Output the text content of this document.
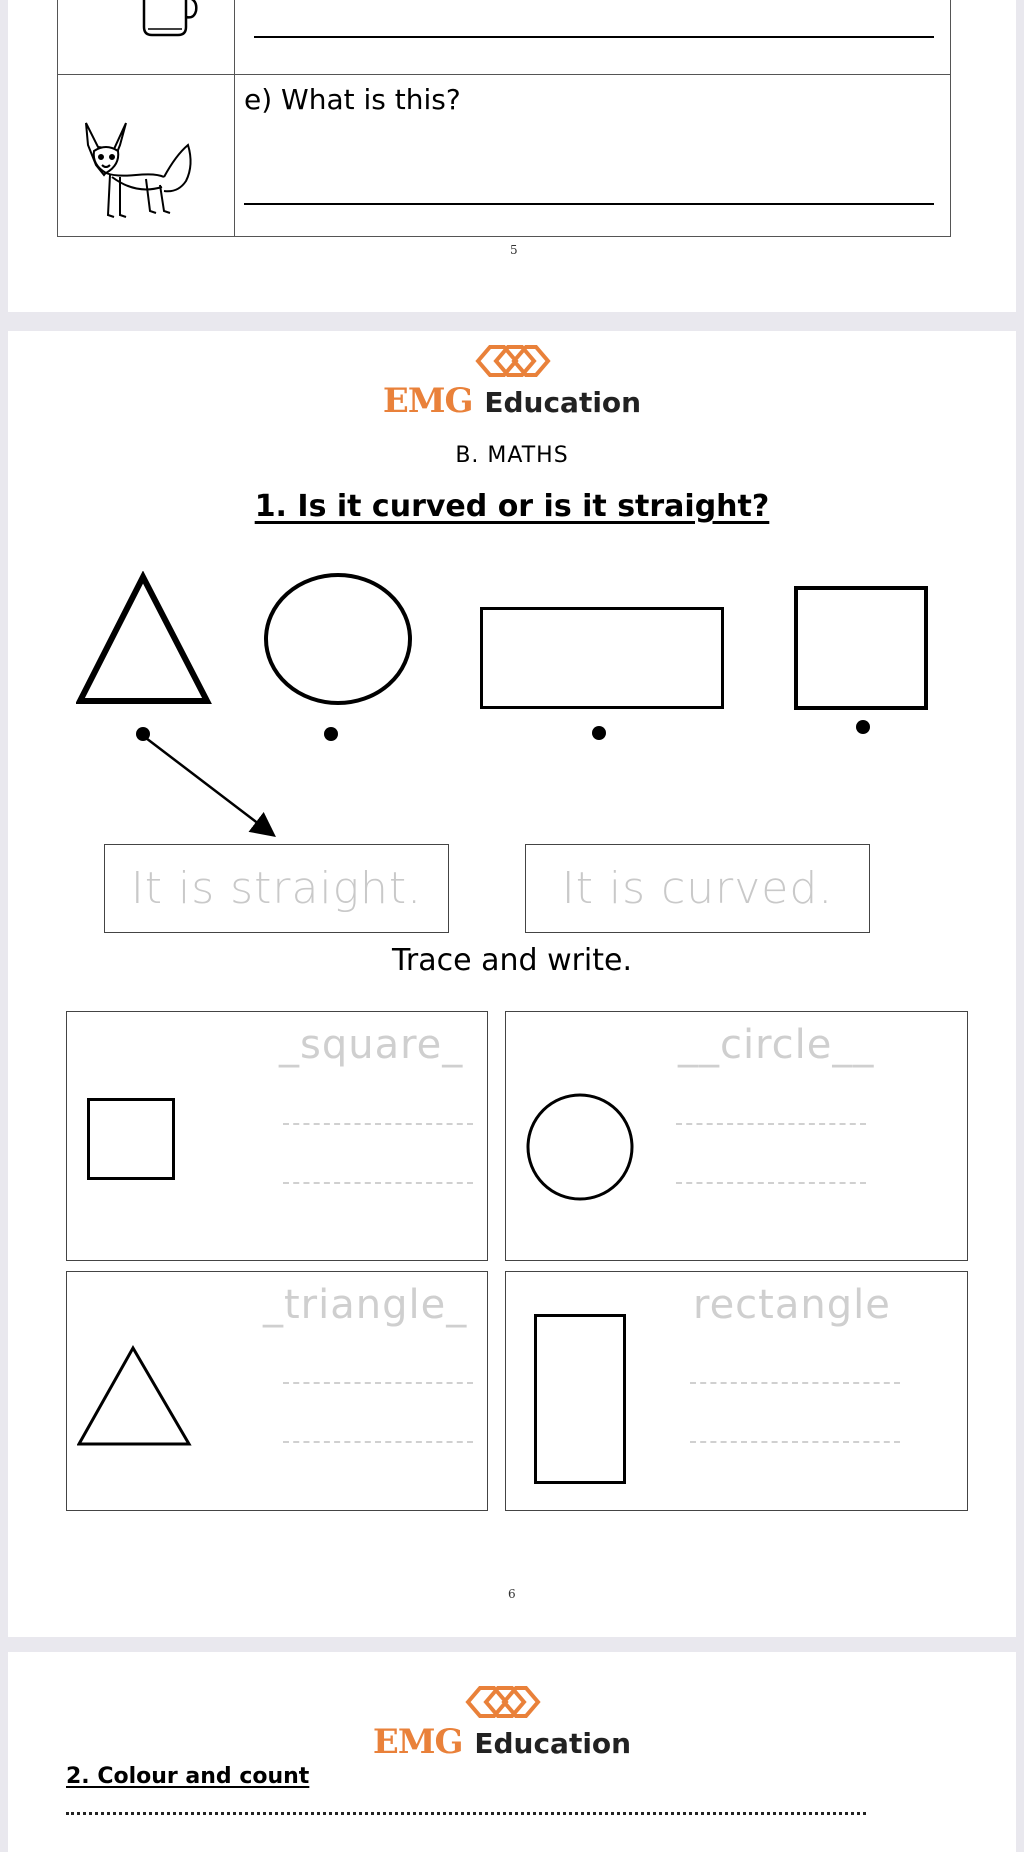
e) What is this?
5
EMG Education
B. MATHS
1. Is it curved or is it straight?
It is straight.	It is curved.
Trace and write.
_square_	__circle__
_triangle_	rectangle
6
EMG Education
2. Colour and count
